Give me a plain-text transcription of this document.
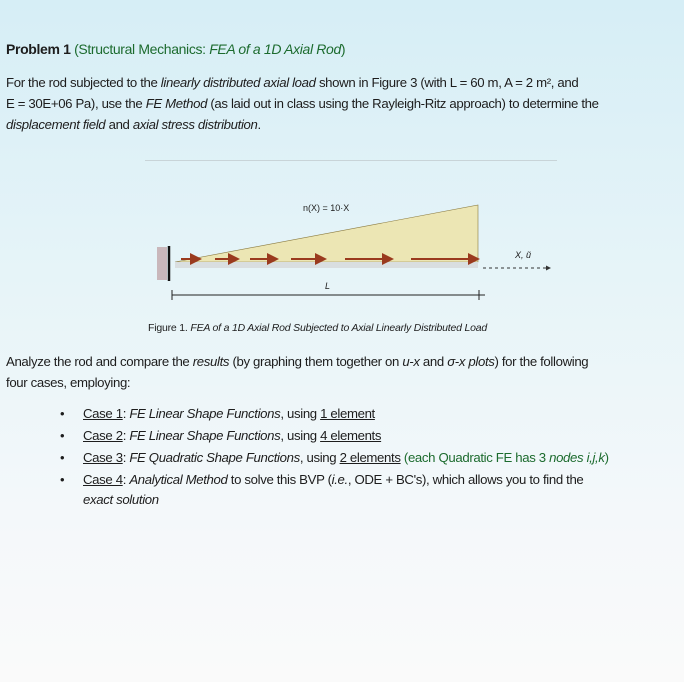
Problem 1 (Structural Mechanics: FEA of a 1D Axial Rod)
For the rod subjected to the linearly distributed axial load shown in Figure 3 (with L = 60 m, A = 2 m², and
E = 30E+06 Pa), use the FE Method (as laid out in class using the Rayleigh-Ritz approach) to determine the
displacement field and axial stress distribution.
n(X) = 10·X
X, ũ
L
Figure 1. FEA of a 1D Axial Rod Subjected to Axial Linearly Distributed Load
Analyze the rod and compare the results (by graphing them together on u-x and σ-x plots) for the following
four cases, employing:
• Case 1: FE Linear Shape Functions, using 1 element
• Case 2: FE Linear Shape Functions, using 4 elements
• Case 3: FE Quadratic Shape Functions, using 2 elements (each Quadratic FE has 3 nodes i,j,k)
• Case 4: Analytical Method to solve this BVP (i.e., ODE + BC's), which allows you to find the
exact solution
